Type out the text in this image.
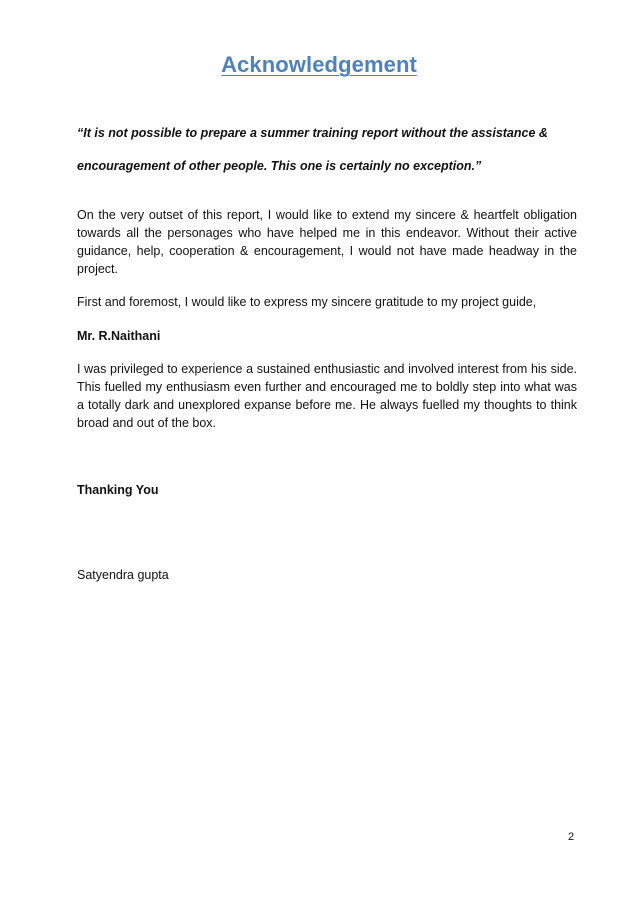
Acknowledgement
“It is not possible to prepare a summer training report without the assistance &
encouragement of other people. This one is certainly no exception.”
On the very outset of this report, I would like to extend my sincere & heartfelt obligation towards all the personages who have helped me in this endeavor. Without their active guidance, help, cooperation & encouragement, I would not have made headway in the project.
First and foremost, I would like to express my sincere gratitude to my project guide,
Mr. R.Naithani
I was privileged to experience a sustained enthusiastic and involved interest from his side. This fuelled my enthusiasm even further and encouraged me to boldly step into what was a totally dark and unexplored expanse before me. He always fuelled my thoughts to think broad and out of the box.
Thanking You
Satyendra gupta
2
